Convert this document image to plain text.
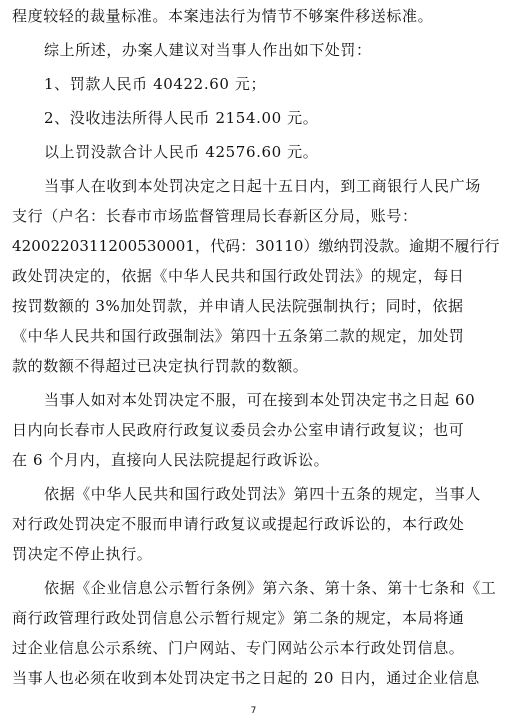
程度较轻的裁量标准。本案违法行为情节不够案件移送标准。
综上所述，办案人建议对当事人作出如下处罚：
1、罚款人民币 40422.60 元；
2、没收违法所得人民币 2154.00 元。
以上罚没款合计人民币 42576.60 元。
当事人在收到本处罚决定之日起十五日内，到工商银行人民广场
支行（户名：长春市市场监督管理局长春新区分局，账号：
4200220311200530001，代码：30110）缴纳罚没款。逾期不履行行
政处罚决定的，依据《中华人民共和国行政处罚法》的规定，每日
按罚数额的 3%加处罚款，并申请人民法院强制执行；同时，依据
《中华人民共和国行政强制法》第四十五条第二款的规定，加处罚
款的数额不得超过已决定执行罚款的数额。
当事人如对本处罚决定不服，可在接到本处罚决定书之日起 60
日内向长春市人民政府行政复议委员会办公室申请行政复议；也可
在 6 个月内，直接向人民法院提起行政诉讼。
依据《中华人民共和国行政处罚法》第四十五条的规定，当事人
对行政处罚决定不服而申请行政复议或提起行政诉讼的，本行政处
罚决定不停止执行。
依据《企业信息公示暂行条例》第六条、第十条、第十七条和《工
商行政管理行政处罚信息公示暂行规定》第二条的规定，本局将通
过企业信息公示系统、门户网站、专门网站公示本行政处罚信息。
当事人也必须在收到本处罚决定书之日起的 20 日内，通过企业信息
7
